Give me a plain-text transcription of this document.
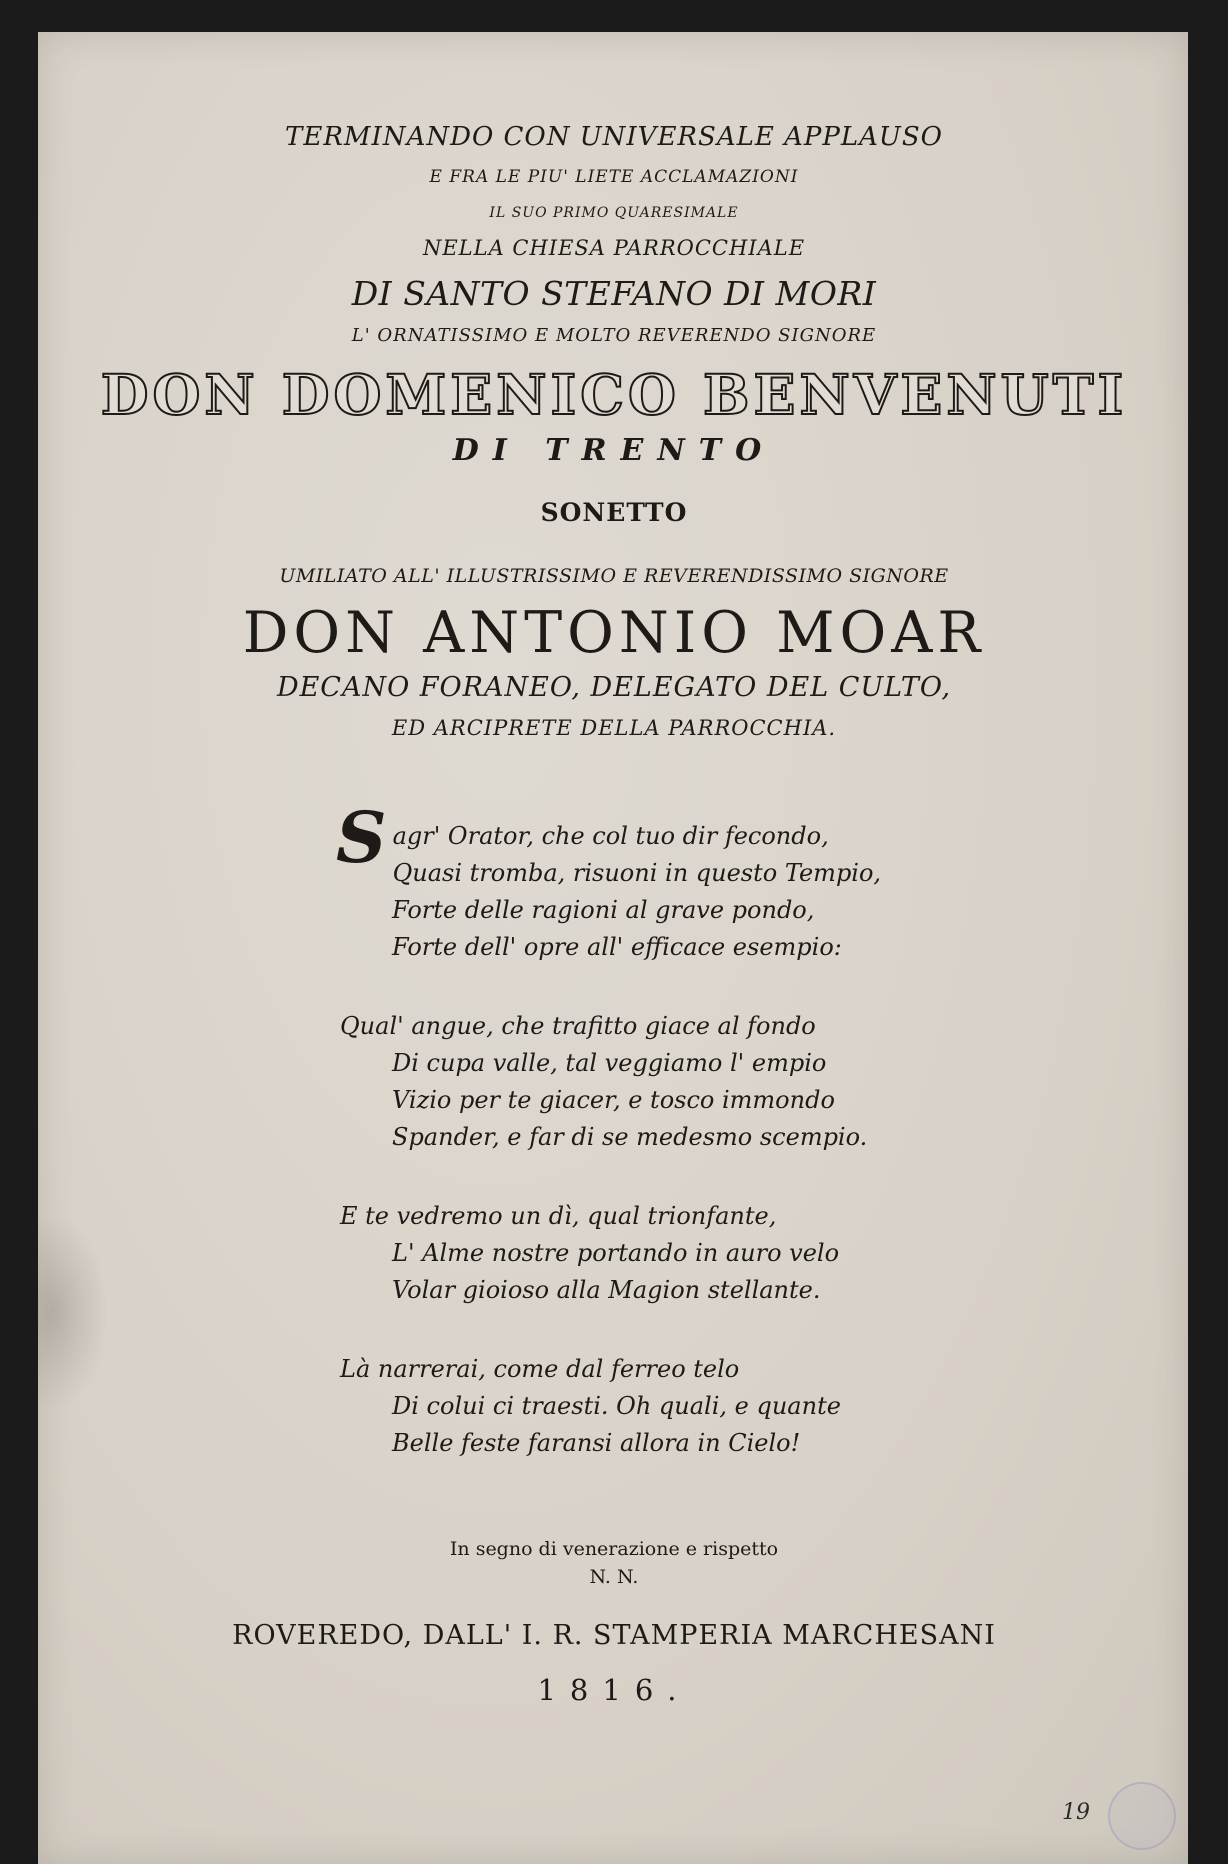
TERMINANDO CON UNIVERSALE APPLAUSO
E FRA LE PIU' LIETE ACCLAMAZIONI
IL SUO PRIMO QUARESIMALE
NELLA CHIESA PARROCCHIALE
DI SANTO STEFANO DI MORI
L' ORNATISSIMO E MOLTO REVERENDO SIGNORE
DON DOMENICO BENVENUTI
DI TRENTO
SONETTO
UMILIATO ALL' ILLUSTRISSIMO E REVERENDISSIMO SIGNORE
DON ANTONIO MOAR
DECANO FORANEO, DELEGATO DEL CULTO,
ED ARCIPRETE DELLA PARROCCHIA.
Sagr' Orator, che col tuo dir fecondo,
Quasi tromba, risuoni in questo Tempio,
Forte delle ragioni al grave pondo,
Forte dell' opre all' efficace esempio:
Qual' angue, che trafitto giace al fondo
Di cupa valle, tal veggiamo l' empio
Vizio per te giacer, e tosco immondo
Spander, e far di se medesmo scempio.
E te vedremo un dì, qual trionfante,
L' Alme nostre portando in auro velo
Volar gioioso alla Magion stellante.
Là narrerai, come dal ferreo telo
Di colui ci traesti. Oh quali, e quante
Belle feste faransi allora in Cielo!
In segno di venerazione e rispetto
N. N.
ROVEREDO, DALL' I. R. STAMPERIA MARCHESANI
1816.
19
